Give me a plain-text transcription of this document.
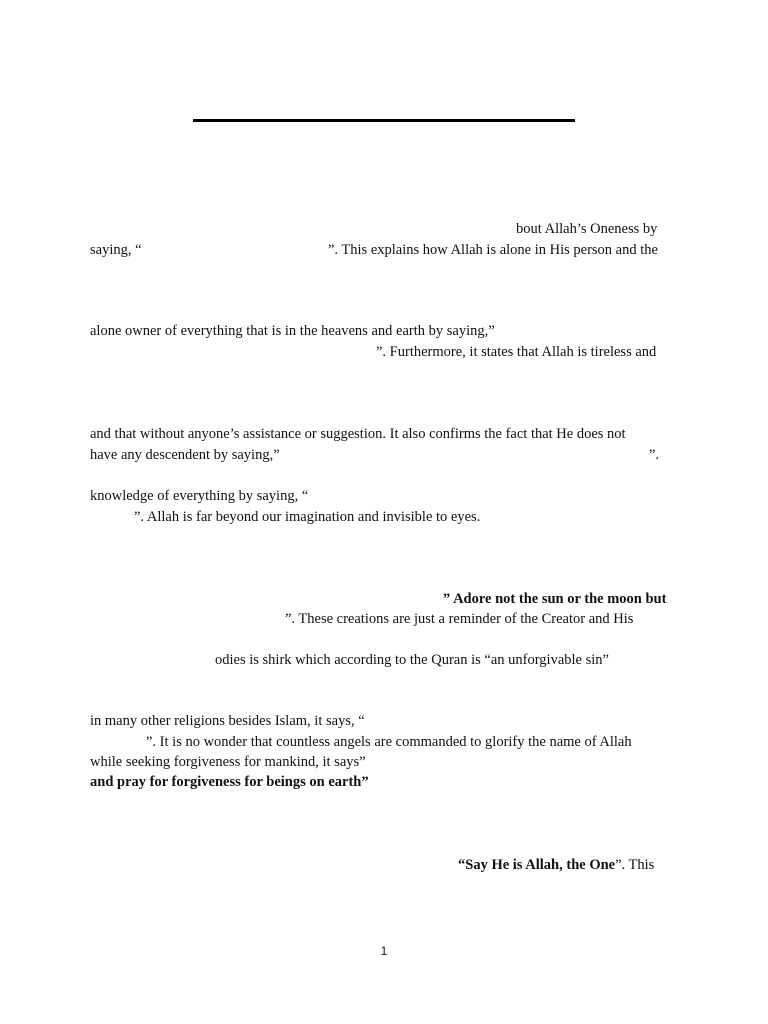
bout Allah’s Oneness by
saying, “	”. This explains how Allah is alone in His person and the
alone owner of everything that is in the heavens and earth by saying,”
”. Furthermore, it states that Allah is tireless and
and that without anyone’s assistance or suggestion. It also confirms the fact that He does not
have any descendent by saying,”	”.
knowledge of everything by saying, “
”. Allah is far beyond our imagination and invisible to eyes.
” Adore not the sun or the moon but
”. These creations are just a reminder of the Creator and His
odies is shirk which according to the Quran is “an unforgivable sin”
in many other religions besides Islam, it says, “
”. It is no wonder that countless angels are commanded to glorify the name of Allah
while seeking forgiveness for mankind, it says”
and pray for forgiveness for beings on earth”
“Say He is Allah, the One”. This
1
